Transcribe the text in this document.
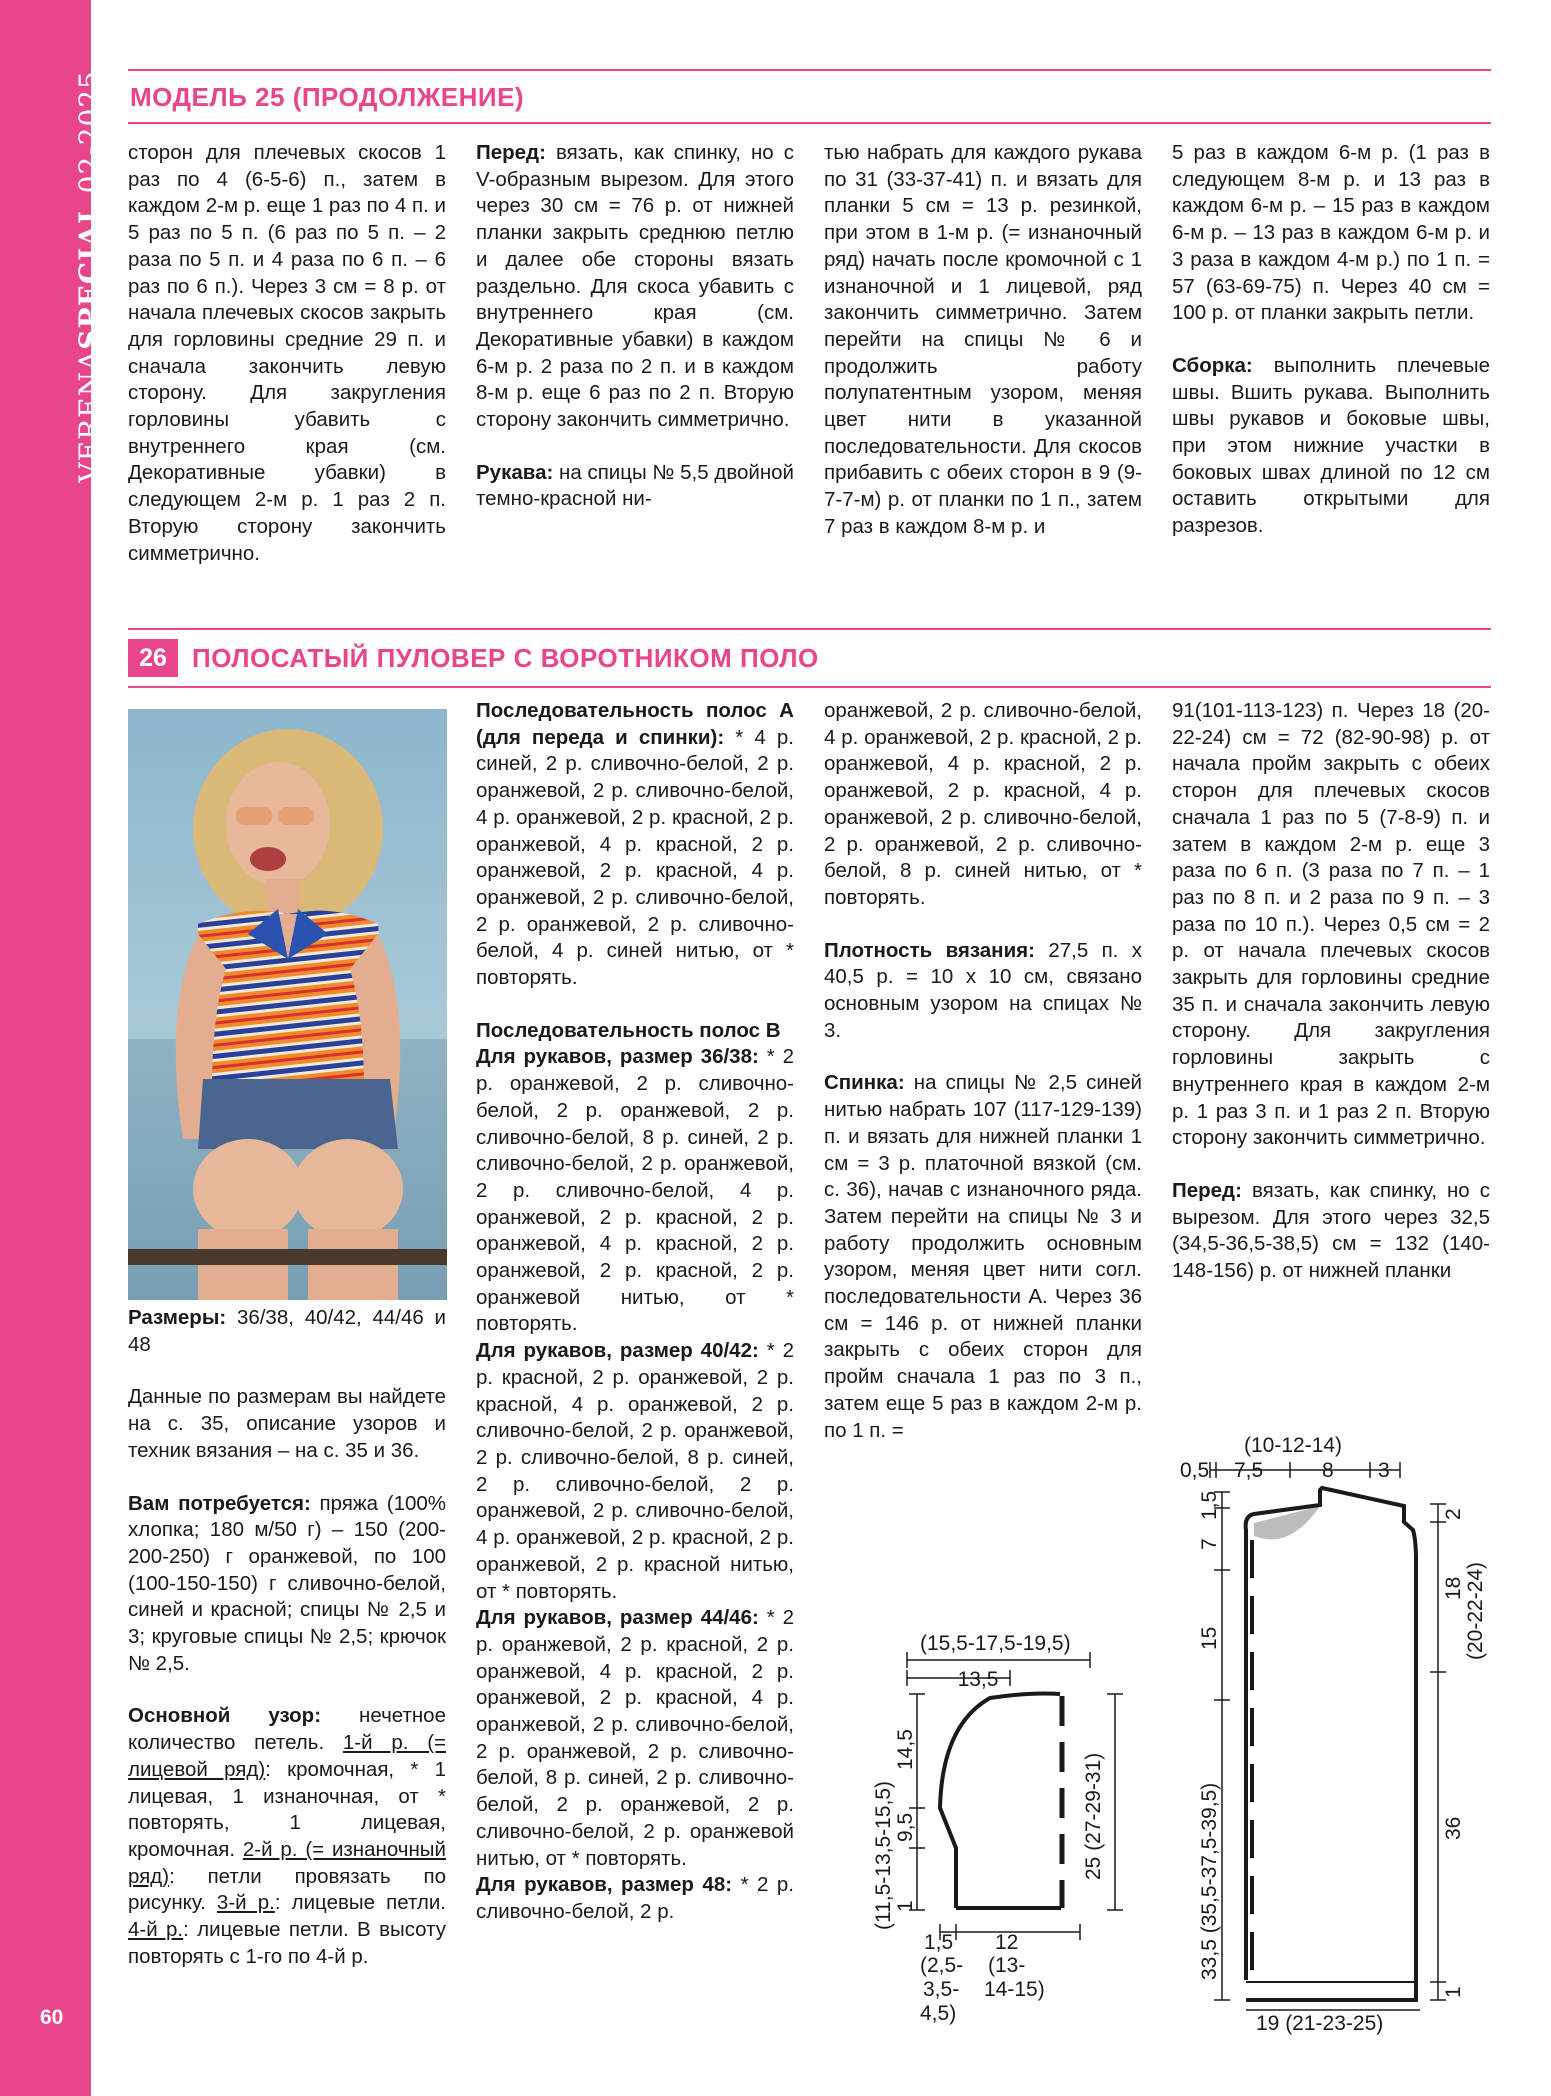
VERENASPECIAL 02-2025
60
МОДЕЛЬ 25 (ПРОДОЛЖЕНИЕ)

сторон для плечевых скосов 1 раз по 4 (6-5-6) п., затем в каждом 2-м р. еще 1 раз по 4 п. и 5 раз по 5 п. (6 раз по 5 п. – 2 раза по 5 п. и 4 раза по 6 п. – 6 раз по 6 п.). Через 3 см = 8 р. от начала плечевых скосов закрыть для горловины средние 29 п. и сначала закончить левую сторону. Для закругления горловины убавить с внутреннего края (см. Декоративные убавки) в следующем 2-м р. 1 раз 2 п. Вторую сторону закончить симметрично.

Перед: вязать, как спинку, но с V-образным вырезом. Для этого через 30 см = 76 р. от нижней планки закрыть среднюю петлю и далее обе стороны вязать раздельно. Для скоса убавить с внутреннего края (см. Декоративные убавки) в каждом 6-м р. 2 раза по 2 п. и в каждом 8-м р. еще 6 раз по 2 п. Вторую сторону закончить симметрично.

Рукава: на спицы № 5,5 двойной темно-красной ни-

тью набрать для каждого рукава по 31 (33-37-41) п. и вязать для планки 5 см = 13 р. резинкой, при этом в 1-м р. (= изнаночный ряд) начать после кромочной с 1 изнаночной и 1 лицевой, ряд закончить симметрично. Затем перейти на спицы № 6 и продолжить работу полупатентным узором, меняя цвет нити в указанной последовательности. Для скосов прибавить с обеих сторон в 9 (9-7-7-м) р. от планки по 1 п., затем 7 раз в каждом 8-м р. и

5 раз в каждом 6-м р. (1 раз в следующем 8-м р. и 13 раз в каждом 6-м р. – 15 раз в каждом 6-м р. – 13 раз в каждом 6-м р. и 3 раза в каждом 4-м р.) по 1 п. = 57 (63-69-75) п. Через 40 см = 100 р. от планки закрыть петли.

Сборка: выполнить плечевые швы. Вшить рукава. Выполнить швы рукавов и боковые швы, при этом нижние участки в боковых швах длиной по 12 см оставить открытыми для разрезов.

26 ПОЛОСАТЫЙ ПУЛОВЕР С ВОРОТНИКОМ ПОЛО

Размеры: 36/38, 40/42, 44/46 и 48

Данные по размерам вы найдете на с. 35, описание узоров и техник вязания – на с. 35 и 36.

Вам потребуется: пряжа (100% хлопка; 180 м/50 г) – 150 (200-200-250) г оранжевой, по 100 (100-150-150) г сливочно-белой, синей и красной; спицы № 2,5 и 3; круговые спицы № 2,5; крючок № 2,5.

Основной узор: нечетное количество петель. 1-й р. (= лицевой ряд): кромочная, * 1 лицевая, 1 изнаночная, от * повторять, 1 лицевая, кромочная. 2-й р. (= изнаночный ряд): петли провязать по рисунку. 3-й р.: лицевые петли. 4-й р.: лицевые петли. В высоту повторять с 1-го по 4-й р.

Последовательность полос А (для переда и спинки): * 4 р. синей, 2 р. сливочно-белой, 2 р. оранжевой, 2 р. сливочно-белой, 4 р. оранжевой, 2 р. красной, 2 р. оранжевой, 4 р. красной, 2 р. оранжевой, 2 р. красной, 4 р. оранжевой, 2 р. сливочно-белой, 2 р. оранжевой, 2 р. сливочно-белой, 4 р. синей нитью, от * повторять.

Последовательность полос В

Для рукавов, размер 36/38: * 2 р. оранжевой, 2 р. сливочно-белой, 2 р. оранжевой, 2 р. сливочно-белой, 8 р. синей, 2 р. сливочно-белой, 2 р. оранжевой, 2 р. сливочно-белой, 4 р. оранжевой, 2 р. красной, 2 р. оранжевой, 4 р. красной, 2 р. оранжевой, 2 р. красной, 2 р. оранжевой нитью, от * повторять.

Для рукавов, размер 40/42: * 2 р. красной, 2 р. оранжевой, 2 р. красной, 4 р. оранжевой, 2 р. сливочно-белой, 2 р. оранжевой, 2 р. сливочно-белой, 8 р. синей, 2 р. сливочно-белой, 2 р. оранжевой, 2 р. сливочно-белой, 4 р. оранжевой, 2 р. красной, 2 р. оранжевой, 2 р. красной нитью, от * повторять.

Для рукавов, размер 44/46: * 2 р. оранжевой, 2 р. красной, 2 р. оранжевой, 4 р. красной, 2 р. оранжевой, 2 р. красной, 4 р. оранжевой, 2 р. сливочно-белой, 2 р. оранжевой, 2 р. сливочно-белой, 8 р. синей, 2 р. сливочно-белой, 2 р. оранжевой, 2 р. сливочно-белой, 2 р. оранжевой нитью, от * повторять.

Для рукавов, размер 48: * 2 р. сливочно-белой, 2 р.

оранжевой, 2 р. сливочно-белой, 4 р. оранжевой, 2 р. красной, 2 р. оранжевой, 4 р. красной, 2 р. оранжевой, 2 р. красной, 4 р. оранжевой, 2 р. сливочно-белой, 2 р. оранжевой, 2 р. сливочно-белой, 8 р. синей нитью, от * повторять.

Плотность вязания: 27,5 п. х 40,5 р. = 10 х 10 см, связано основным узором на спицах № 3.

Спинка: на спицы № 2,5 синей нитью набрать 107 (117-129-139) п. и вязать для нижней планки 1 см = 3 р. платочной вязкой (см. с. 36), начав с изнаночного ряда. Затем перейти на спицы № 3 и работу продолжить основным узором, меняя цвет нити согл. последовательности А. Через 36 см = 146 р. от нижней планки закрыть с обеих сторон для пройм сначала 1 раз по 3 п., затем еще 5 раз в каждом 2-м р. по 1 п. =

91(101-113-123) п. Через 18 (20-22-24) см = 72 (82-90-98) р. от начала пройм закрыть с обеих сторон для плечевых скосов сначала 1 раз по 5 (7-8-9) п. и затем в каждом 2-м р. еще 3 раза по 6 п. (3 раза по 7 п. – 1 раз по 8 п. и 2 раза по 9 п. – 3 раза по 10 п.). Через 0,5 см = 2 р. от начала плечевых скосов закрыть для горловины средние 35 п. и сначала закончить левую сторону. Для закругления горловины закрыть с внутреннего края в каждом 2-м р. 1 раз 3 п. и 1 раз 2 п. Вторую сторону закончить симметрично.

Перед: вязать, как спинку, но с вырезом. Для этого через 32,5 (34,5-36,5-38,5) см = 132 (140-148-156) р. от нижней планки

(15,5-17,5-19,5)
13,5
(11,5-13,5-15,5)
14,5
9,5
1
25 (27-29-31)
1,5
(2,5-
3,5-
4,5)
12
(13-
14-15)
(10-12-14)
0,5 7,5	8 3
1,5
7
15
33,5 (35,5-37,5-39,5)
2
18 (20-22-24)
36
1
19 (21-23-25)
